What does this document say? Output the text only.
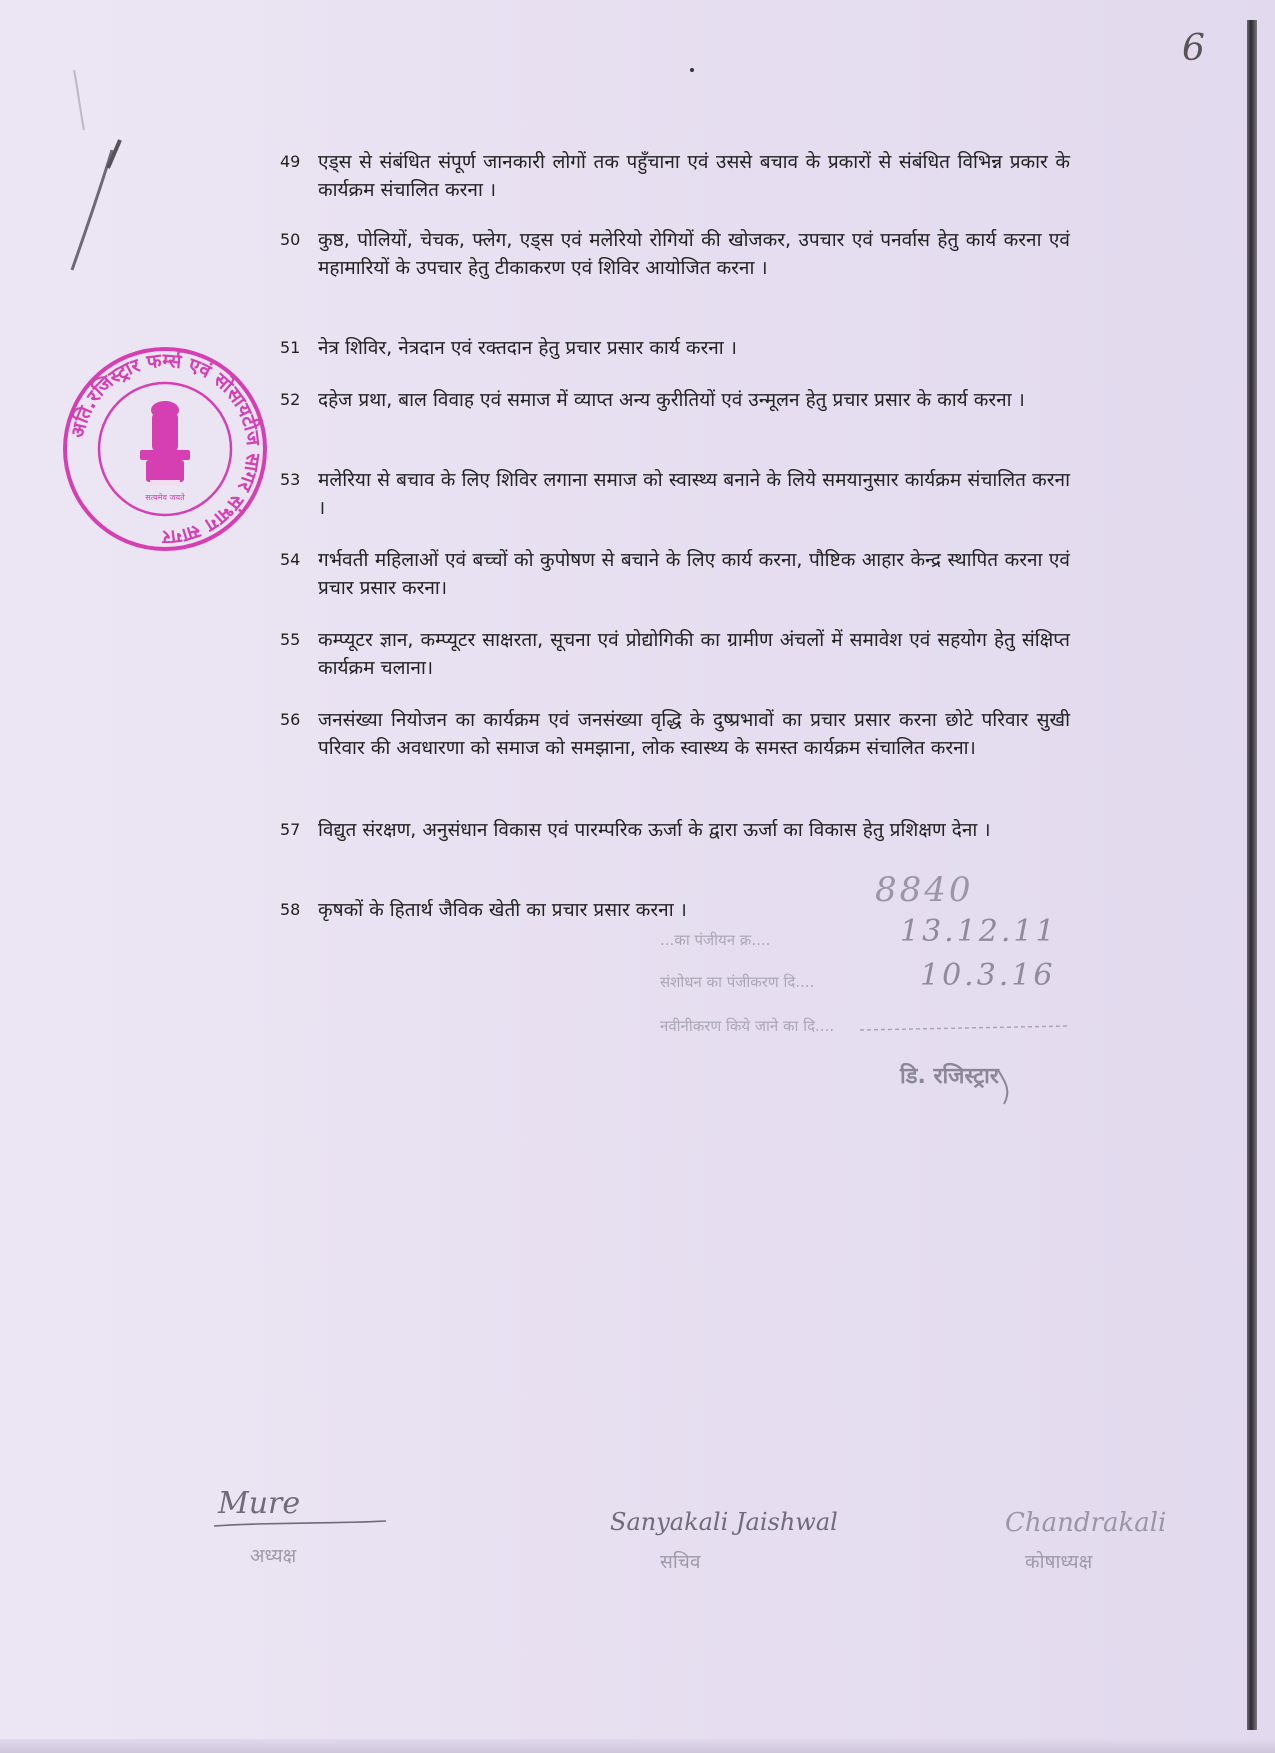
6
अति.रजिस्ट्रार फर्म्स एवं सोसायटीज सागर संभाग सागर
सत्यमेव जयते
49 एड्स से संबंधित संपूर्ण जानकारी लोगों तक पहुँचाना एवं उससे बचाव के प्रकारों से संबंधित विभिन्न प्रकार के कार्यक्रम संचालित करना ।
50 कुष्ठ, पोलियों, चेचक, फ्लेग, एड्स एवं मलेरियो रोगियों की खोजकर, उपचार एवं पनर्वास हेतु कार्य करना एवं महामारियों के उपचार हेतु टीकाकरण एवं शिविर आयोजित करना ।
51 नेत्र शिविर, नेत्रदान एवं रक्तदान हेतु प्रचार प्रसार कार्य करना ।
52 दहेज प्रथा, बाल विवाह एवं समाज में व्याप्त अन्य कुरीतियों एवं उन्मूलन हेतु प्रचार प्रसार के कार्य करना ।
53 मलेरिया से बचाव के लिए शिविर लगाना समाज को स्वास्थ्य बनाने के लिये समयानुसार कार्यक्रम संचालित करना ।
54 गर्भवती महिलाओं एवं बच्चों को कुपोषण से बचाने के लिए कार्य करना, पौष्टिक आहार केन्द्र स्थापित करना एवं प्रचार प्रसार करना।
55 कम्प्यूटर ज्ञान, कम्प्यूटर साक्षरता, सूचना एवं प्रोद्योगिकी का ग्रामीण अंचलों में समावेश एवं सहयोग हेतु संक्षिप्त कार्यक्रम चलाना।
56 जनसंख्या नियोजन का कार्यक्रम एवं जनसंख्या वृद्धि के दुष्प्रभावों का प्रचार प्रसार करना छोटे परिवार सुखी परिवार की अवधारणा को समाज को समझाना, लोक स्वास्थ्य के समस्त कार्यक्रम संचालित करना।
57 विद्युत संरक्षण, अनुसंधान विकास एवं पारम्परिक ऊर्जा के द्वारा ऊर्जा का विकास हेतु प्रशिक्षण देना ।
58 कृषकों के हितार्थ जैविक खेती का प्रचार प्रसार करना ।	8840
...का पंजीयन क्र....	13.12.11
संशोधन का पंजीकरण दि....	10.3.16
नवीनीकरण किये जाने का दि....
डि. रजिस्ट्रार
Mure
अध्यक्ष
Sanyakali Jaishwal
सचिव
Chandrakali
कोषाध्यक्ष
